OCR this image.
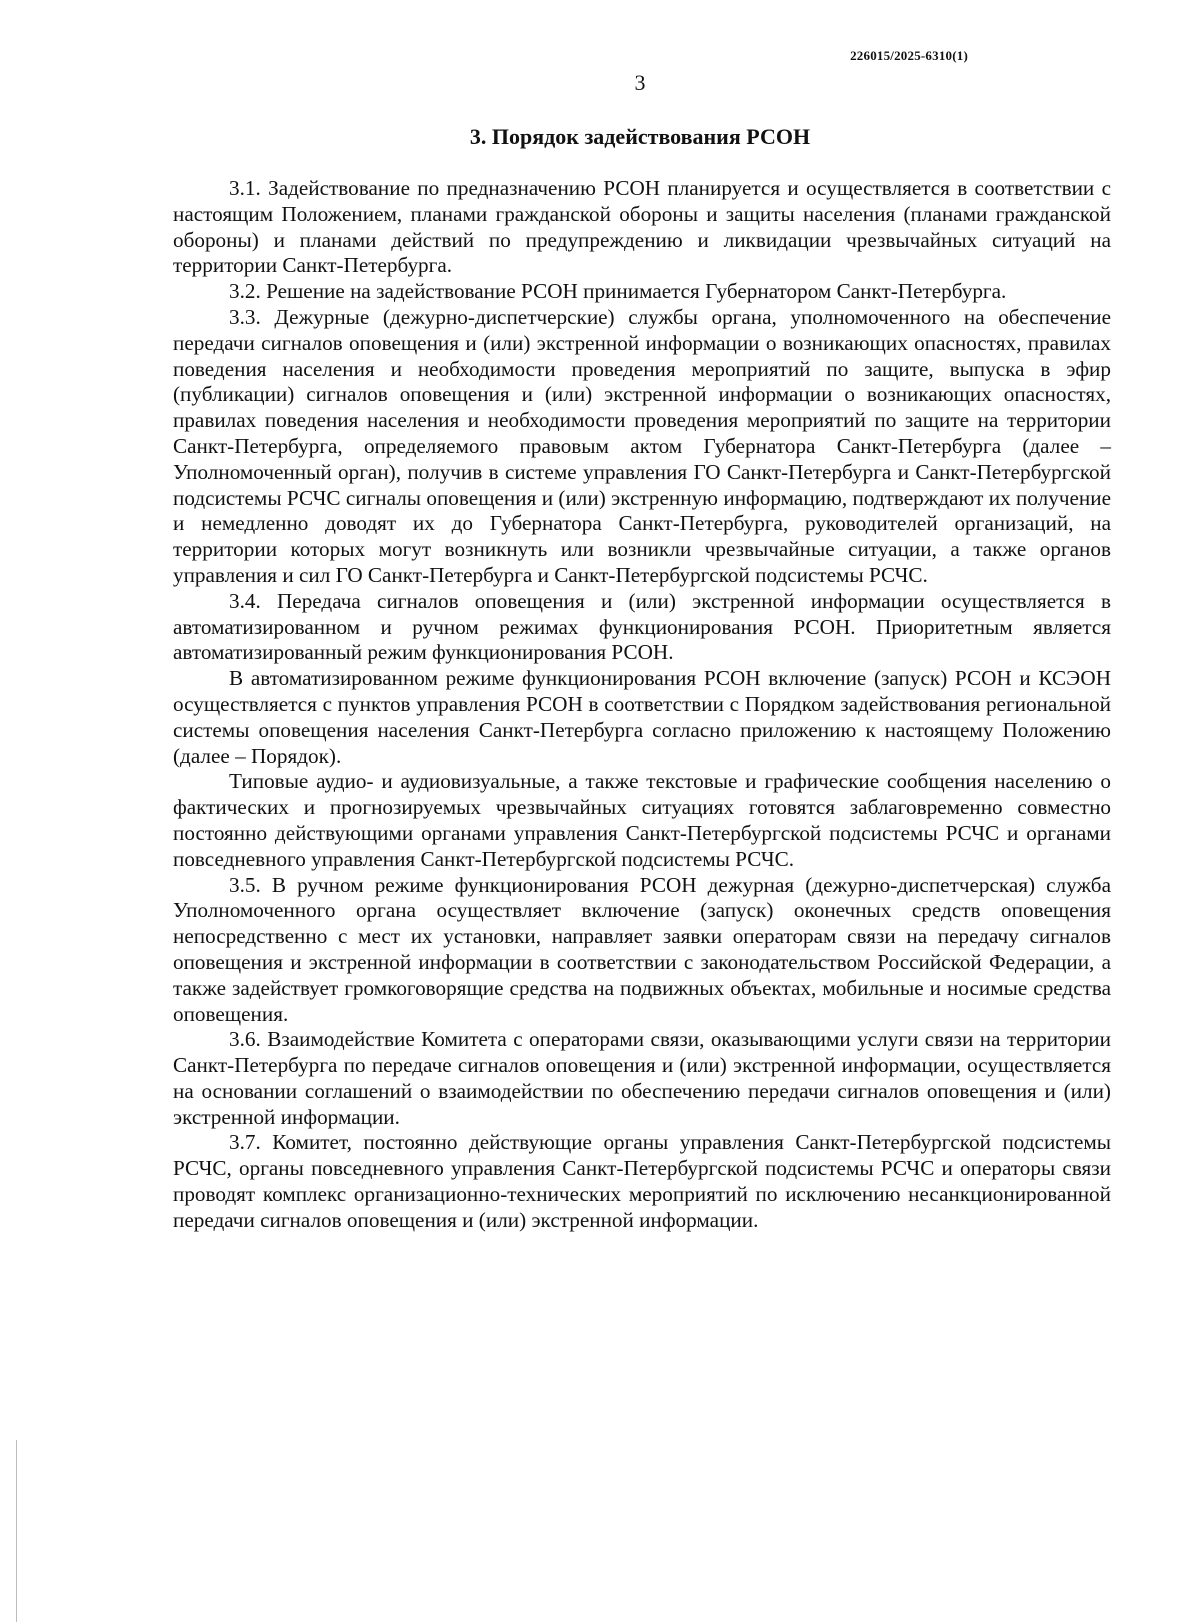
226015/2025-6310(1)
3
3. Порядок задействования РСОН

3.1. Задействование по предназначению РСОН планируется и осуществляется в соответствии с настоящим Положением, планами гражданской обороны и защиты населения (планами гражданской обороны) и планами действий по предупреждению и ликвидации чрезвычайных ситуаций на территории Санкт-Петербурга.

3.2. Решение на задействование РСОН принимается Губернатором Санкт-Петербурга.

3.3. Дежурные (дежурно-диспетчерские) службы органа, уполномоченного на обеспечение передачи сигналов оповещения и (или) экстренной информации о возникающих опасностях, правилах поведения населения и необходимости проведения мероприятий по защите, выпуска в эфир (публикации) сигналов оповещения и (или) экстренной информации о возникающих опасностях, правилах поведения населения и необходимости проведения мероприятий по защите на территории Санкт-Петербурга, определяемого правовым актом Губернатора Санкт-Петербурга (далее – Уполномоченный орган), получив в системе управления ГО Санкт-Петербурга и Санкт-Петербургской подсистемы РСЧС сигналы оповещения и (или) экстренную информацию, подтверждают их получение и немедленно доводят их до Губернатора Санкт-Петербурга, руководителей организаций, на территории которых могут возникнуть или возникли чрезвычайные ситуации, а также органов управления и сил ГО Санкт-Петербурга и Санкт-Петербургской подсистемы РСЧС.

3.4. Передача сигналов оповещения и (или) экстренной информации осуществляется в автоматизированном и ручном режимах функционирования РСОН. Приоритетным является автоматизированный режим функционирования РСОН.

В автоматизированном режиме функционирования РСОН включение (запуск) РСОН и КСЭОН осуществляется с пунктов управления РСОН в соответствии с Порядком задействования региональной системы оповещения населения Санкт-Петербурга согласно приложению к настоящему Положению (далее – Порядок).

Типовые аудио- и аудиовизуальные, а также текстовые и графические сообщения населению о фактических и прогнозируемых чрезвычайных ситуациях готовятся заблаговременно совместно постоянно действующими органами управления Санкт-Петербургской подсистемы РСЧС и органами повседневного управления Санкт-Петербургской подсистемы РСЧС.

3.5. В ручном режиме функционирования РСОН дежурная (дежурно-диспетчерская) служба Уполномоченного органа осуществляет включение (запуск) оконечных средств оповещения непосредственно с мест их установки, направляет заявки операторам связи на передачу сигналов оповещения и экстренной информации в соответствии с законодательством Российской Федерации, а также задействует громкоговорящие средства на подвижных объектах, мобильные и носимые средства оповещения.

3.6. Взаимодействие Комитета с операторами связи, оказывающими услуги связи на территории Санкт-Петербурга по передаче сигналов оповещения и (или) экстренной информации, осуществляется на основании соглашений о взаимодействии по обеспечению передачи сигналов оповещения и (или) экстренной информации.

3.7. Комитет, постоянно действующие органы управления Санкт-Петербургской подсистемы РСЧС, органы повседневного управления Санкт-Петербургской подсистемы РСЧС и операторы связи проводят комплекс организационно-технических мероприятий по исключению несанкционированной передачи сигналов оповещения и (или) экстренной информации.
